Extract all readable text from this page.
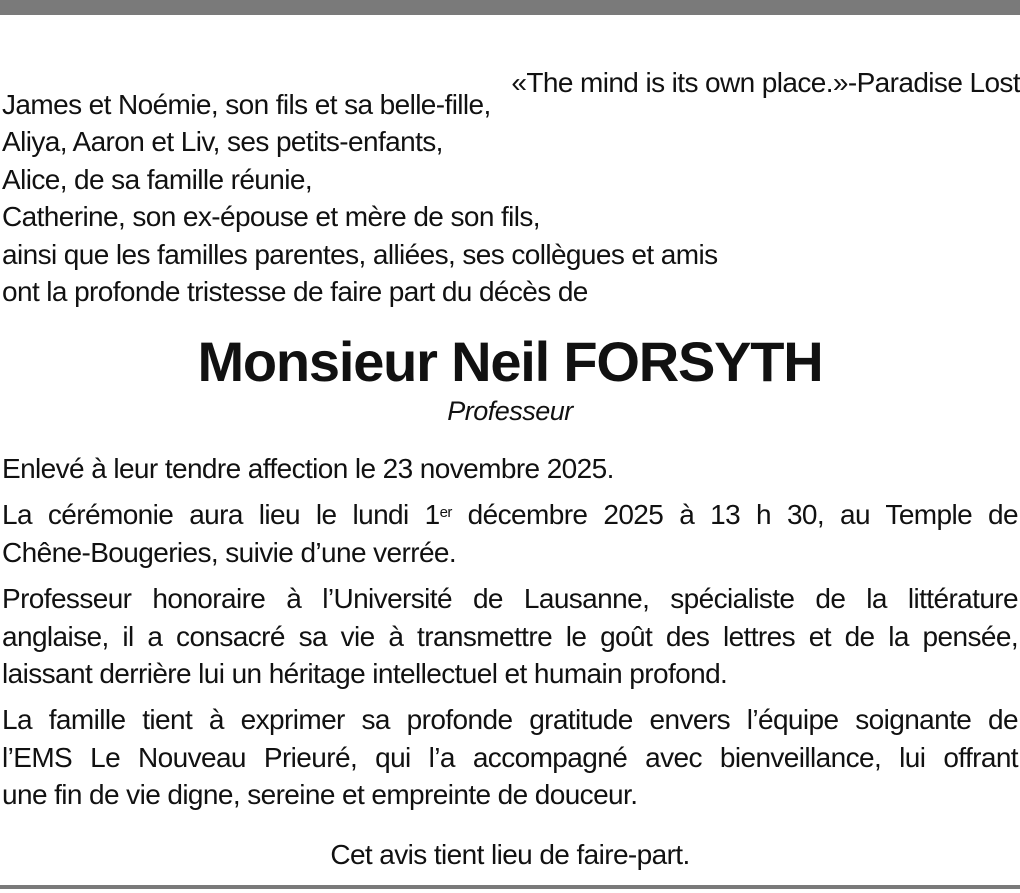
«The mind is its own place.»-Paradise Lost

James et Noémie, son fils et sa belle-fille,

Aliya, Aaron et Liv, ses petits-enfants,

Alice, de sa famille réunie,

Catherine, son ex-épouse et mère de son fils,

ainsi que les familles parentes, alliées, ses collègues et amis

ont la profonde tristesse de faire part du décès de

Monsieur Neil FORSYTH
Professeur

Enlevé à leur tendre affection le 23 novembre 2025.

La cérémonie aura lieu le lundi 1er décembre 2025 à 13 h 30, au Temple de
Chêne-Bougeries, suivie d’une verrée.

Professeur honoraire à l’Université de Lausanne, spécialiste de la littérature
anglaise, il a consacré sa vie à transmettre le goût des lettres et de la pensée,
laissant derrière lui un héritage intellectuel et humain profond.

La famille tient à exprimer sa profonde gratitude envers l’équipe soignante de
l’EMS Le Nouveau Prieuré, qui l’a accompagné avec bienveillance, lui offrant
une fin de vie digne, sereine et empreinte de douceur.

Cet avis tient lieu de faire-part.
